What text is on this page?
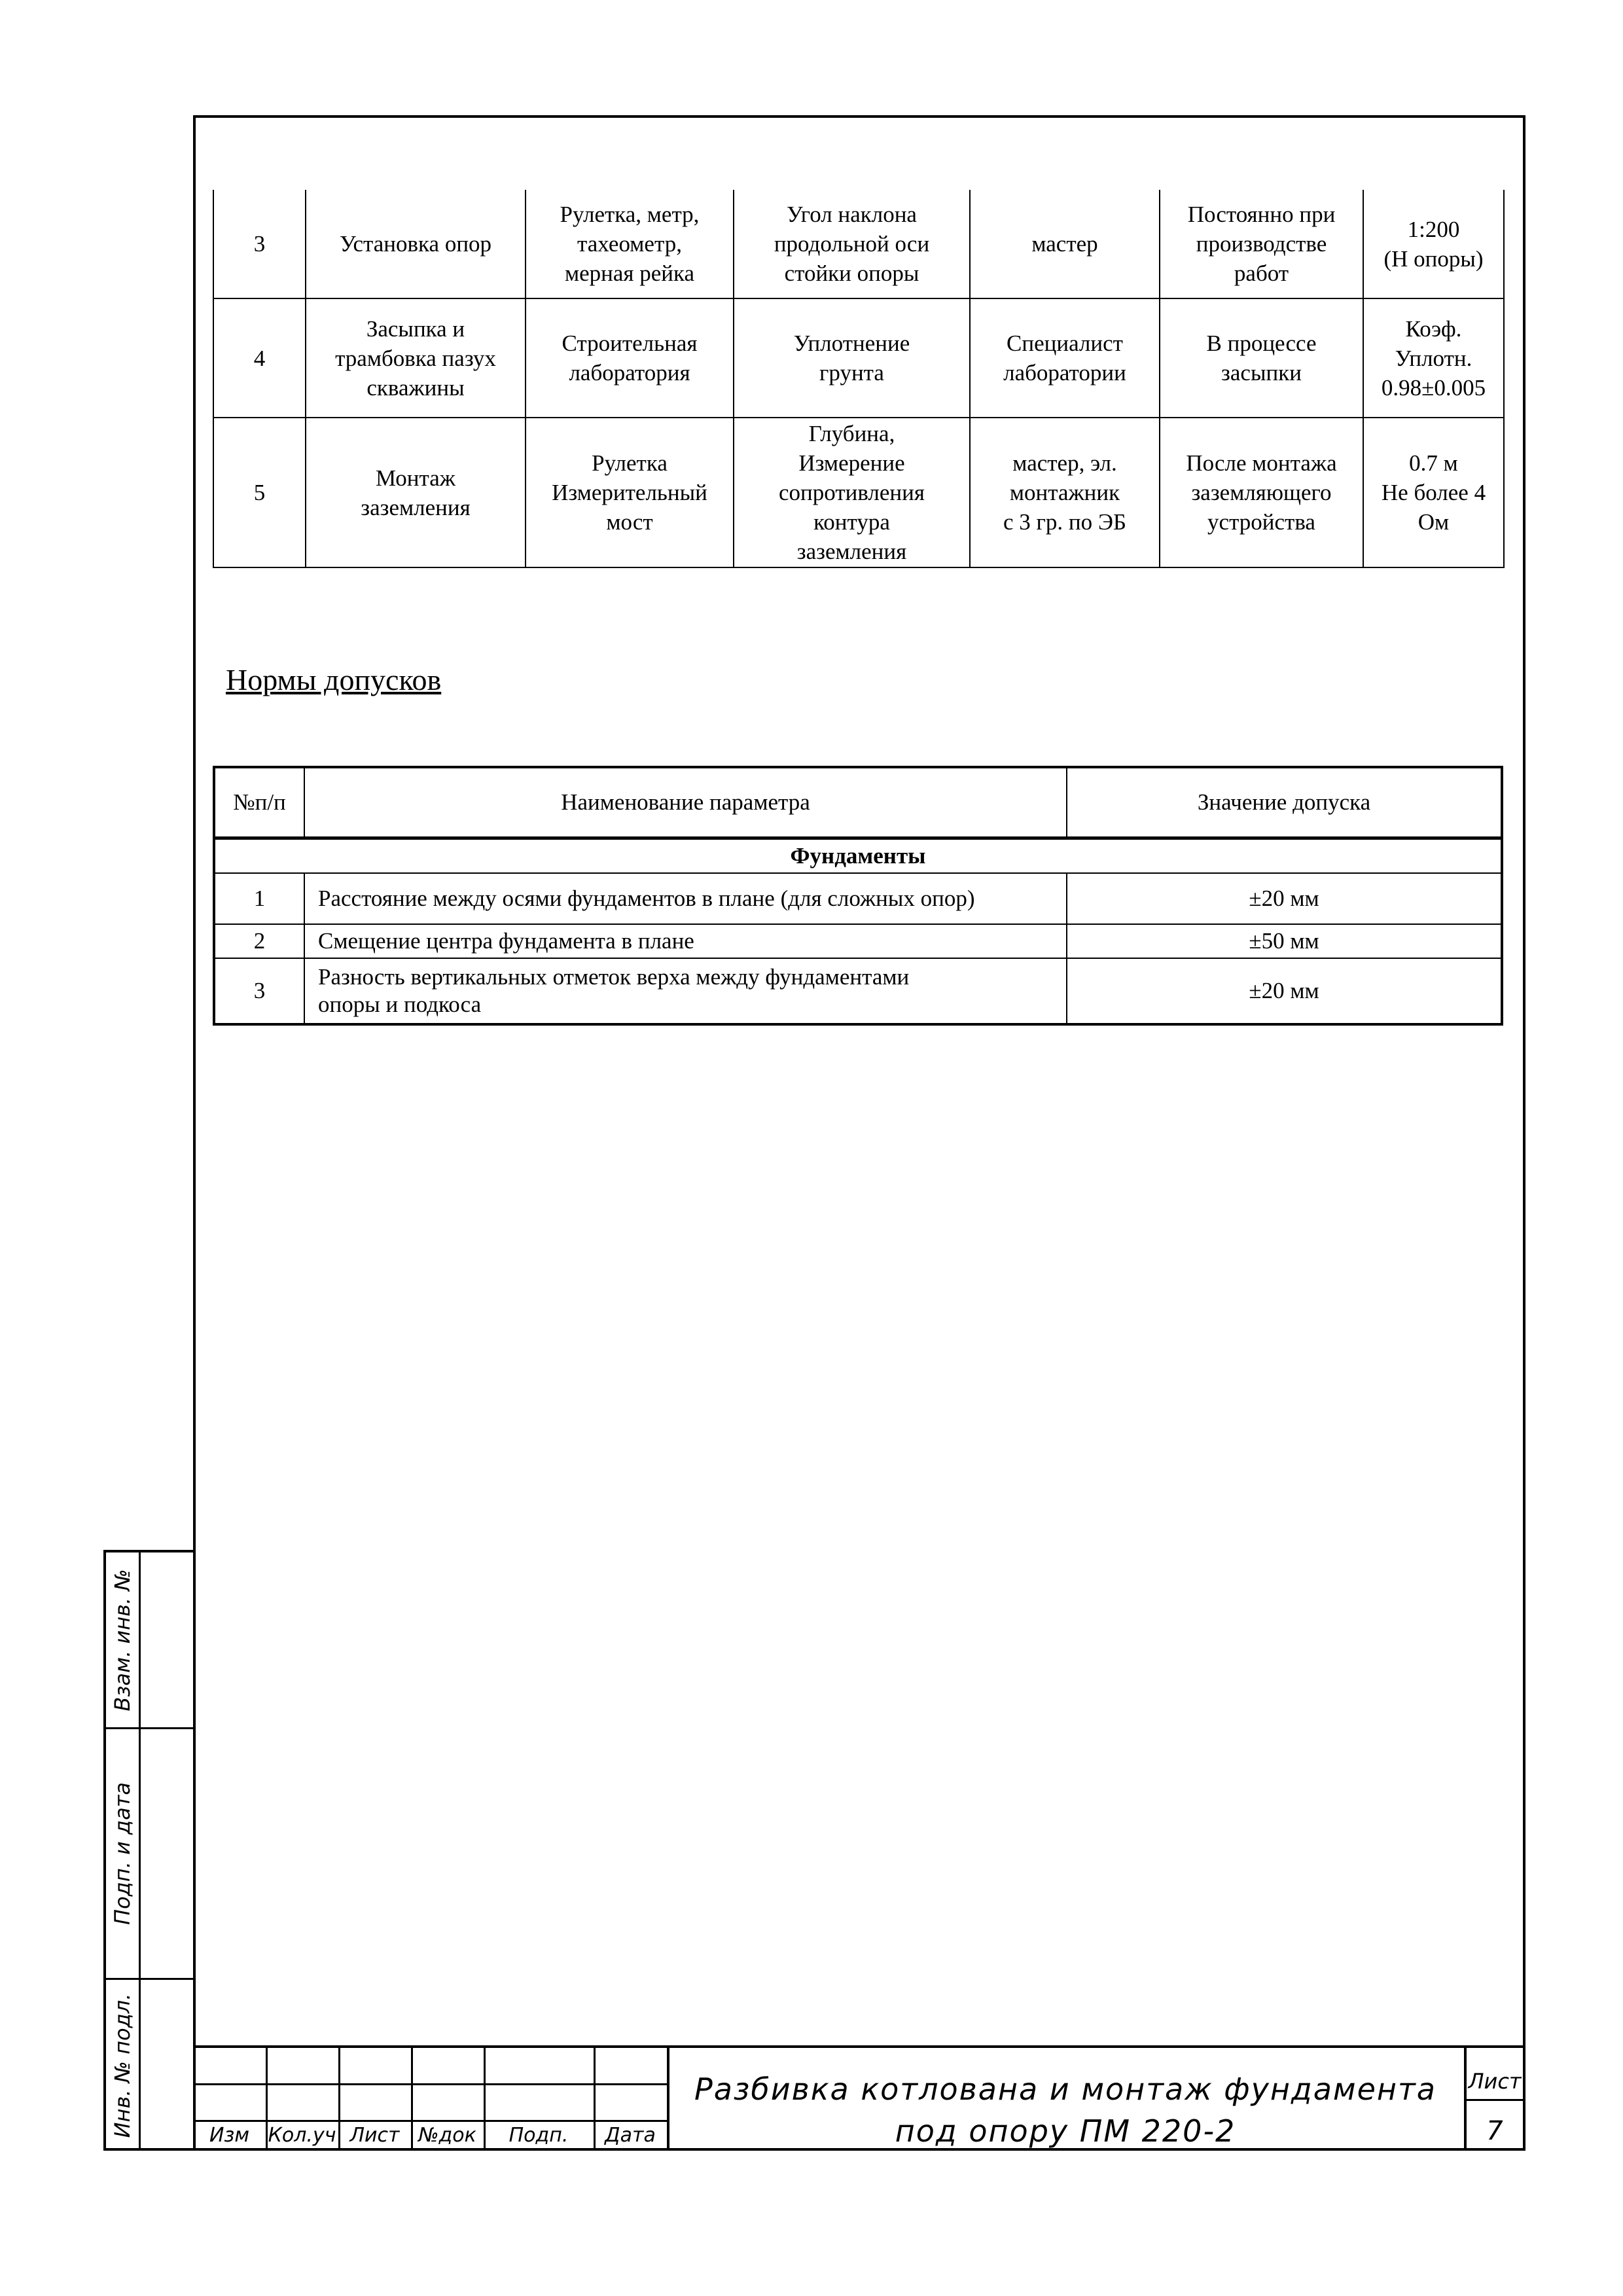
3	Установка опор	Рулетка, метр,
тахеометр,
мерная рейка	Угол наклона
продольной оси
стойки опоры	мастер	Постоянно при
производстве
работ	1:200
(Н опоры)
4	Засыпка и
трамбовка пазух
скважины	Строительная
лаборатория	Уплотнение
грунта	Специалист
лаборатории	В процессе
засыпки	Коэф.
Уплотн.
0.98±0.005
5	Монтаж
заземления	Рулетка
Измерительный
мост	Глубина,
Измерение
сопротивления
контура
заземления	мастер, эл.
монтажник
с 3 гр. по ЭБ	После монтажа
заземляющего
устройства	0.7 м
Не более 4
Ом
Нормы допусков
№п/п	Наименование параметра	Значение допуска
Фундаменты		
1	Расстояние между осями фундаментов в плане (для сложных опор)	±20 мм
2	Смещение центра фундамента в плане	±50 мм
3	Разность вертикальных отметок верха между фундаментами
опоры и подкоса	±20 мм
Взам. инв. №
Подп. и дата
Инв. № подл.	Изм Кол.уч Лист №док	Подп.	Дата
Разбивка котлована и монтаж фундамента
под опору ПМ 220-2
Лист
7
